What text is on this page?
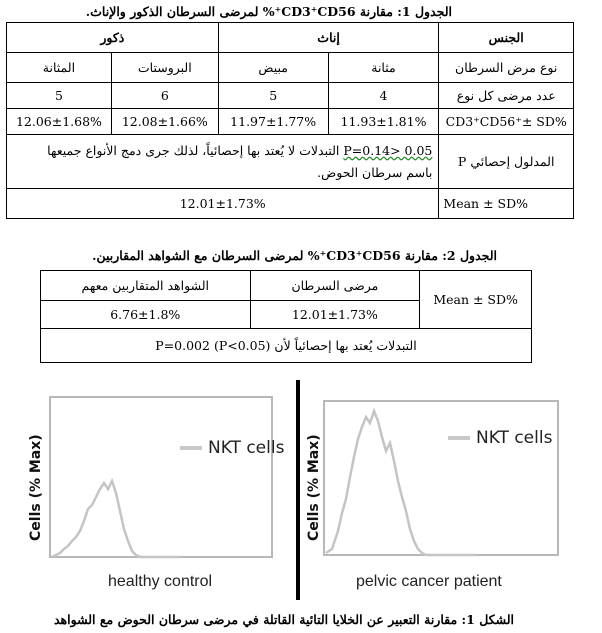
الجدول 1: مقارنة CD3⁺CD56⁺% لمرضى السرطان الذكور والإناث.
ذكور		إناث		الجنس
المثانة	البروستات	مبيض	مثانة	نوع مرض السرطان
5	6	5	4	عدد مرضى كل نوع
12.06±1.68%	12.08±1.66%	11.97±1.77%	11.93±1.81%	CD3⁺CD56⁺± SD%

P=0.14> 0.05 التبدلات لا يُعتد بها إحصائياً، لذلك جرى دمج الأنواع جميعها
باسم سرطان الحوض.				المدلول إحصائي P
12.01±1.73%				Mean ± SD%
الجدول 2: مقارنة CD3⁺CD56⁺% لمرضى السرطان مع الشواهد المقاربين.
الشواهد المتقاربين معهم	مرضى السرطان	Mean ± SD%
6.76±1.8%	12.01±1.73%	
التبدلات يُعتد بها إحصائياً لأن P=0.002 (P<0.05)		
NKT cells
Cells (% Max)
healthy control
NKT cells
Cells (% Max)
pelvic cancer patient
الشكل 1: مقارنة التعبير عن الخلايا التائية القاتلة في مرضى سرطان الحوض مع الشواهد
